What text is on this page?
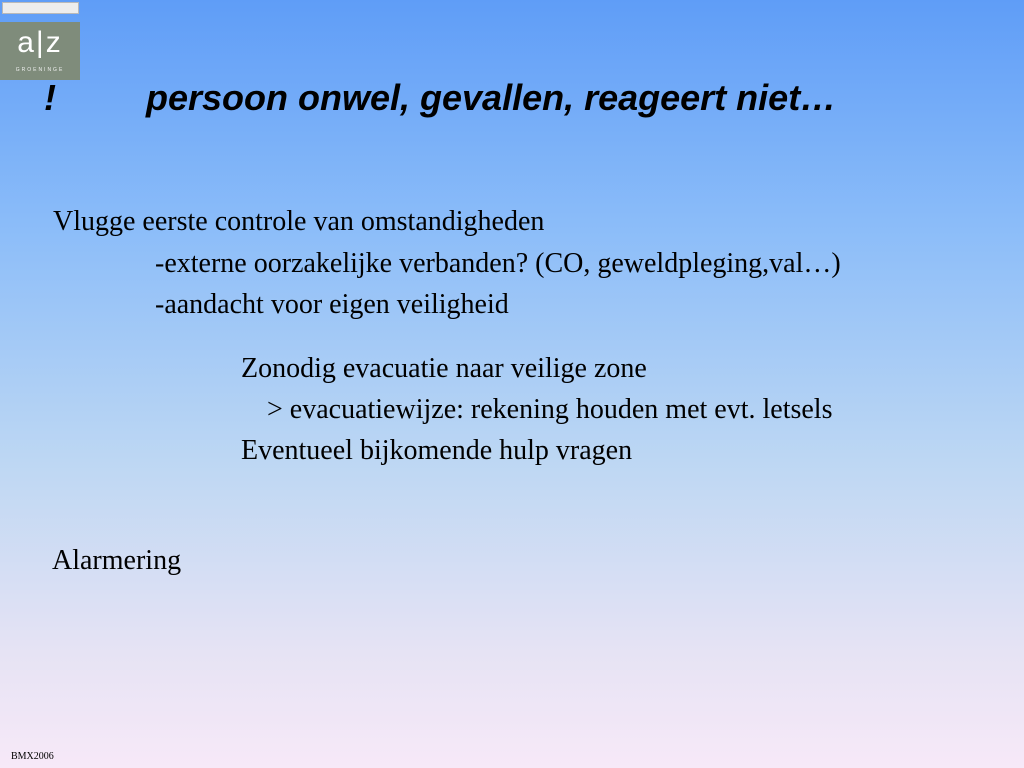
a|z
GROENINGE
!	persoon onwel, gevallen, reageert niet…
Vlugge eerste controle van omstandigheden
-externe oorzakelijke verbanden? (CO, geweldpleging,val…)
-aandacht voor eigen veiligheid
Zonodig evacuatie naar veilige zone
> evacuatiewijze: rekening houden met evt. letsels
Eventueel bijkomende hulp vragen
Alarmering
BMX2006
